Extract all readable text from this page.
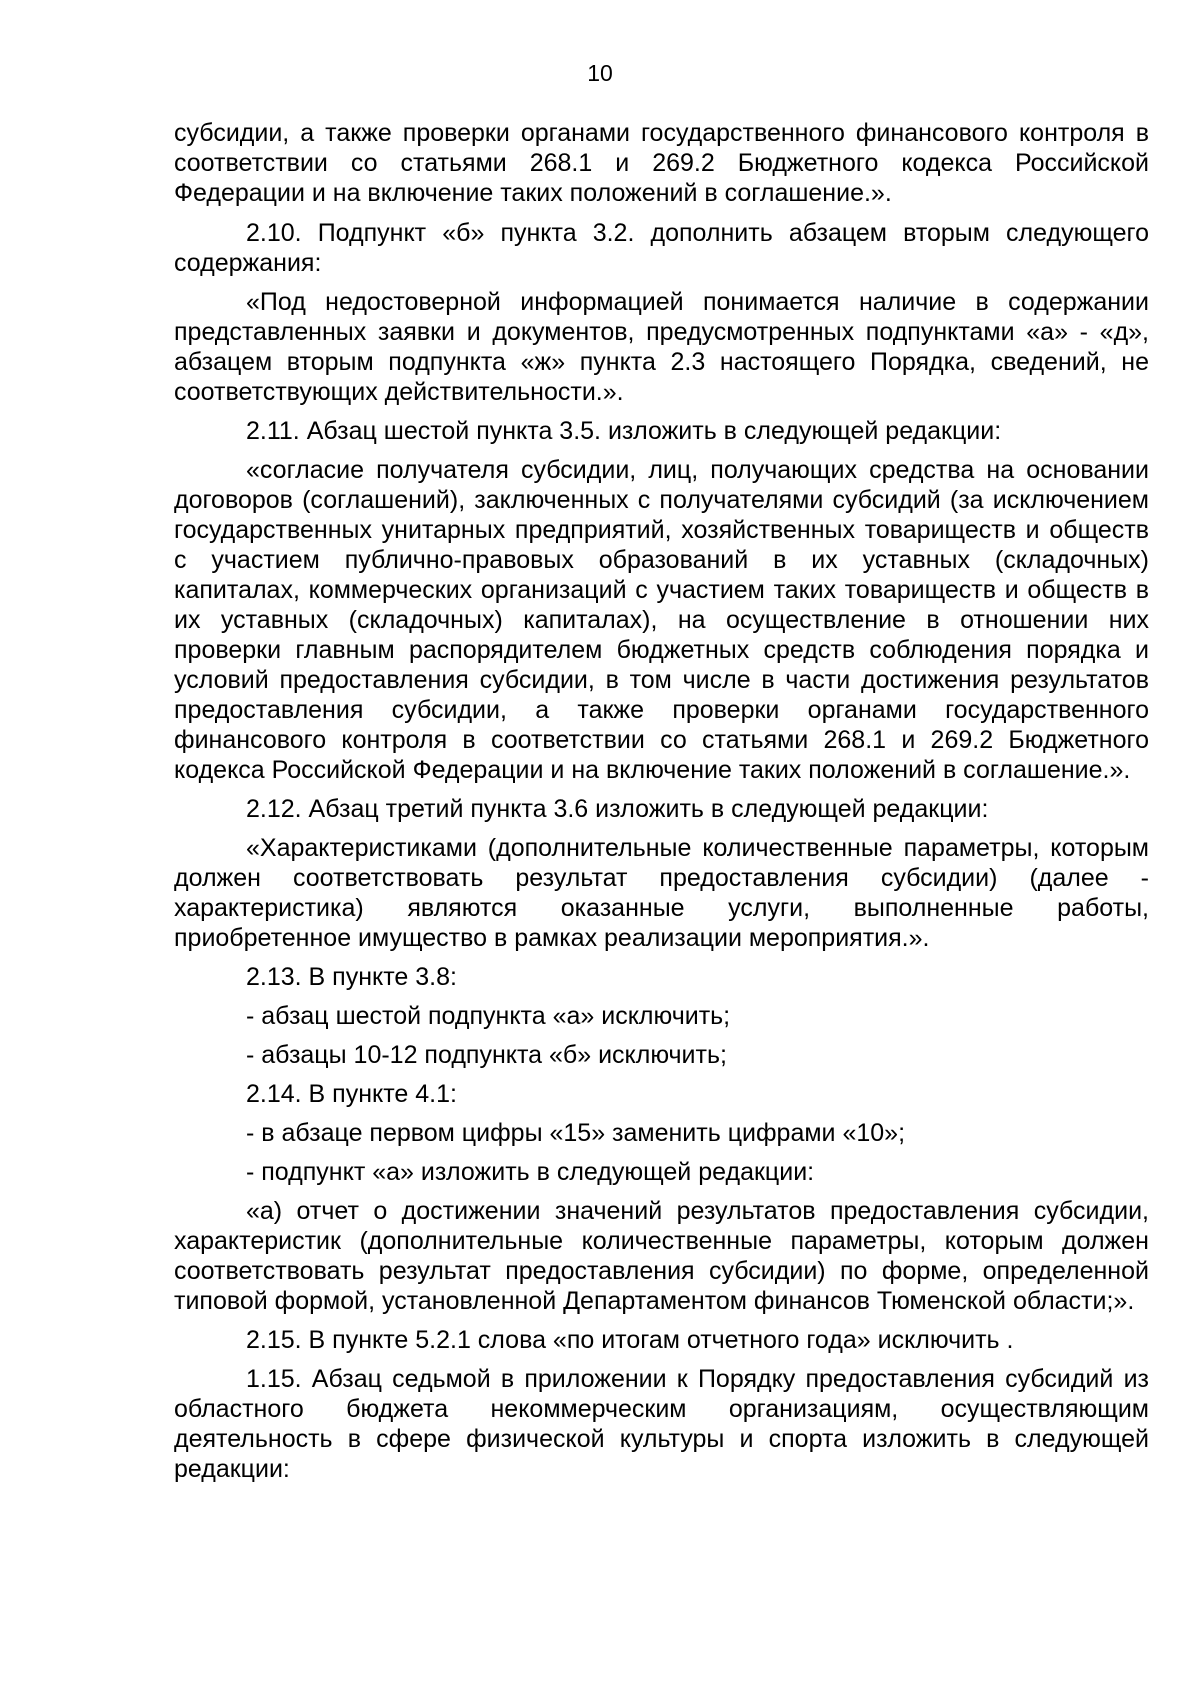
10

субсидии, а также проверки органами государственного финансового контроля в соответствии со статьями 268.1 и 269.2 Бюджетного кодекса Российской Федерации и на включение таких положений в соглашение.».

2.10. Подпункт «б» пункта 3.2. дополнить абзацем вторым следующего содержания:

«Под недостоверной информацией понимается наличие в содержании представленных заявки и документов, предусмотренных подпунктами «а» - «д», абзацем вторым подпункта «ж» пункта 2.3 настоящего Порядка, сведений, не соответствующих действительности.».

2.11. Абзац шестой пункта 3.5. изложить в следующей редакции:

«согласие получателя субсидии, лиц, получающих средства на основании договоров (соглашений), заключенных с получателями субсидий (за исключением государственных унитарных предприятий, хозяйственных товариществ и обществ с участием публично-правовых образований в их уставных (складочных) капиталах, коммерческих организаций с участием таких товариществ и обществ в их уставных (складочных) капиталах), на осуществление в отношении них проверки главным распорядителем бюджетных средств соблюдения порядка и условий предоставления субсидии, в том числе в части достижения результатов предоставления субсидии, а также проверки органами государственного финансового контроля в соответствии со статьями 268.1 и 269.2 Бюджетного кодекса Российской Федерации и на включение таких положений в соглашение.».

2.12. Абзац третий пункта 3.6 изложить в следующей редакции:

«Характеристиками (дополнительные количественные параметры, которым должен соответствовать результат предоставления субсидии) (далее - характеристика) являются оказанные услуги, выполненные работы, приобретенное имущество в рамках реализации мероприятия.».

2.13. В пункте 3.8:

- абзац шестой подпункта «а» исключить;

- абзацы 10-12 подпункта «б» исключить;

2.14. В пункте 4.1:

- в абзаце первом цифры «15» заменить цифрами «10»;

- подпункт «а» изложить в следующей редакции:

«а) отчет о достижении значений результатов предоставления субсидии, характеристик (дополнительные количественные параметры, которым должен соответствовать результат предоставления субсидии) по форме, определенной типовой формой, установленной Департаментом финансов Тюменской области;».

2.15. В пункте 5.2.1 слова «по итогам отчетного года» исключить .

1.15. Абзац седьмой в приложении к Порядку предоставления субсидий из областного бюджета некоммерческим организациям, осуществляющим деятельность в сфере физической культуры и спорта изложить в следующей редакции:
